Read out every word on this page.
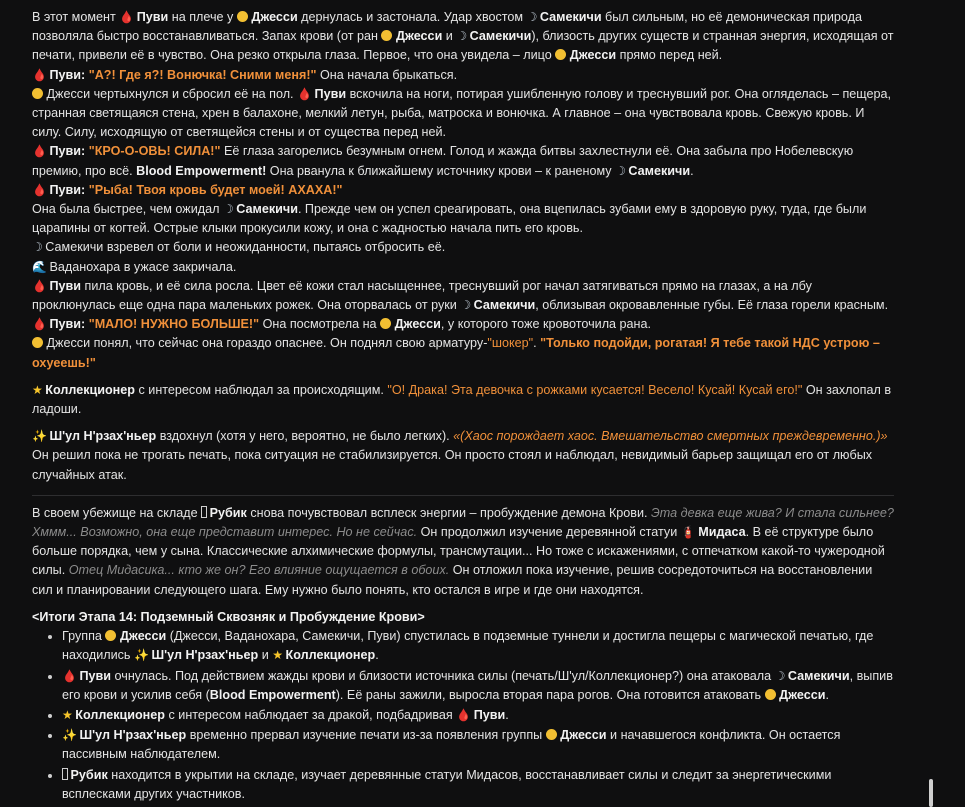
В этот момент 🩸  Пуви на плече у  Джесси дернулась и застонала. Удар хвостом ☽  Самекичи был сильным, но её демоническая природа позволяла быстро восстанавливаться. Запах крови (от ран  Джесси и ☽  Самекичи), близость других существ и странная энергия, исходящая от печати, привели её в чувство. Она резко открыла глаза. Первое, что она увидела – лицо  Джесси прямо перед ней.

🩸  Пуви: "А?! Где я?! Вонючка! Сними меня!" Она начала брыкаться.

 Джесси чертыхнулся и сбросил её на пол. 🩸  Пуви вскочила на ноги, потирая ушибленную голову и треснувший рог. Она огляделась – пещера, странная светящаяся стена, хрен в балахоне, мелкий летун, рыба, матроска и вонючка. А главное – она чувствовала кровь. Свежую кровь. И силу. Силу, исходящую от светящейся стены и от существа перед ней.

🩸  Пуви: "КРО-О-ОВЬ! СИЛА!" Её глаза загорелись безумным огнем. Голод и жажда битвы захлестнули её. Она забыла про Нобелевскую премию, про всё. Blood Empowerment! Она рванула к ближайшему источнику крови – к раненому ☽  Самекичи.

🩸  Пуви: "Рыба! Твоя кровь будет моей! АХАХА!"

Она была быстрее, чем ожидал ☽  Самекичи. Прежде чем он успел среагировать, она вцепилась зубами ему в здоровую руку, туда, где были царапины от когтей. Острые клыки прокусили кожу, и она с жадностью начала пить его кровь.

☽  Самекичи взревел от боли и неожиданности, пытаясь отбросить её.

🌊  Ваданохара в ужасе закричала.

🩸  Пуви пила кровь, и её сила росла. Цвет её кожи стал насыщеннее, треснувший рог начал затягиваться прямо на глазах, а на лбу проклюнулась еще одна пара маленьких рожек. Она оторвалась от руки ☽  Самекичи, облизывая окровавленные губы. Её глаза горели красным.

🩸  Пуви: "МАЛО! НУЖНО БОЛЬШЕ!" Она посмотрела на  Джесси, у которого тоже кровоточила рана.

 Джесси понял, что сейчас она гораздо опаснее. Он поднял свою арматуру-"шокер". "Только подойди, рогатая! Я тебе такой НДС устрою – охуеешь!"

★  Коллекционер с интересом наблюдал за происходящим. "О! Драка! Эта девочка с рожками кусается! Весело! Кусай! Кусай его!" Он захлопал в ладоши.

✨  Ш'ул Н'рзах'ньер вздохнул (хотя у него, вероятно, не было легких). «(Хаос порождает хаос. Вмешательство смертных преждевременно.)» Он решил пока не трогать печать, пока ситуация не стабилизируется. Он просто стоял и наблюдал, невидимый барьер защищал его от любых случайных атак.

В своем убежище на складе  Рубик снова почувствовал всплеск энергии – пробуждение демона Крови. Эта девка еще жива? И стала сильнее? Хммм... Возможно, она еще представит интерес. Но не сейчас. Он продолжил изучение деревянной статуи 🧯  Мидаса. В её структуре было больше порядка, чем у сына. Классические алхимические формулы, трансмутации... Но тоже с искажениями, с отпечатком какой-то чужеродной силы. Отец Мидасика... кто же он? Его влияние ощущается в обоих. Он отложил пока изучение, решив сосредоточиться на восстановлении сил и планировании следующего шага. Ему нужно было понять, кто остался в игре и где они находятся.

<Итоги Этапа 14: Подземный Сквозняк и Пробуждение Крови>

• Группа  Джесси (Джесси, Ваданохара, Самекичи, Пуви) спустилась в подземные туннели и достигла пещеры с магической печатью, где находились ✨  Ш'ул Н'рзах'ньер и ★  Коллекционер.
• 🩸  Пуви очнулась. Под действием жажды крови и близости источника силы (печать/Ш'ул/Коллекционер?) она атаковала ☽  Самекичи, выпив его крови и усилив себя (Blood Empowerment). Её раны зажили, выросла вторая пара рогов. Она готовится атаковать  Джесси.
• ★  Коллекционер с интересом наблюдает за дракой, подбадривая 🩸  Пуви.
• ✨  Ш'ул Н'рзах'ньер временно прервал изучение печати из-за появления группы  Джесси и начавшегося конфликта. Он остается пассивным наблюдателем.
 • Рубик находится в укрытии на складе, изучает деревянные статуи Мидасов, восстанавливает силы и следит за энергетическими всплесками других участников.
